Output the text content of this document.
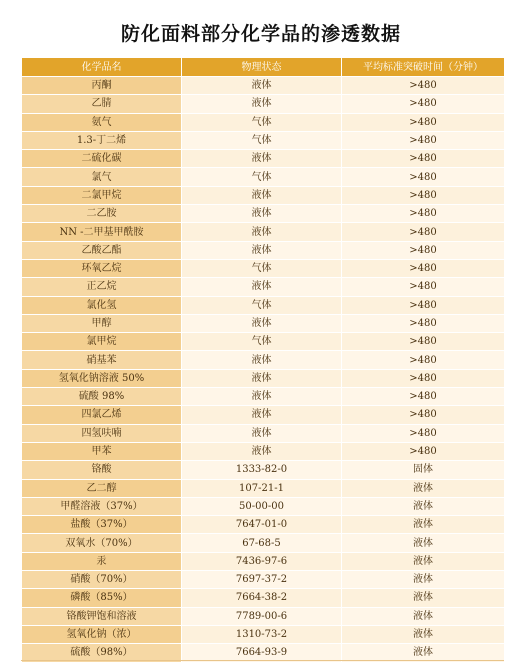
防化面料部分化学品的渗透数据
化学品名	物理状态	平均标准突破时间（分钟）
丙酮	液体	>480
乙腈	液体	>480
氨气	气体	>480
1.3-丁二烯	气体	>480
二硫化碳	液体	>480
氯气	气体	>480
二氯甲烷	液体	>480
二乙胺	液体	>480
NN -二甲基甲酰胺	液体	>480
乙酸乙酯	液体	>480
环氧乙烷	气体	>480
正乙烷	液体	>480
氯化氢	气体	>480
甲醇	液体	>480
氯甲烷	气体	>480
硝基苯	液体	>480
氢氧化钠溶液 50%	液体	>480
硫酸 98%	液体	>480
四氯乙烯	液体	>480
四氢呋喃	液体	>480
甲苯	液体	>480
铬酸	1333-82-0	固体
乙二醇	107-21-1	液体
甲醛溶液（37%）	50-00-00	液体
盐酸（37%）	7647-01-0	液体
双氧水（70%）	67-68-5	液体
汞	7436-97-6	液体
硝酸（70%）	7697-37-2	液体
磷酸（85%）	7664-38-2	液体
铬酸钾饱和溶液	7789-00-6	液体
氢氧化钠（浓）	1310-73-2	液体
硫酸（98%）	7664-93-9	液体
